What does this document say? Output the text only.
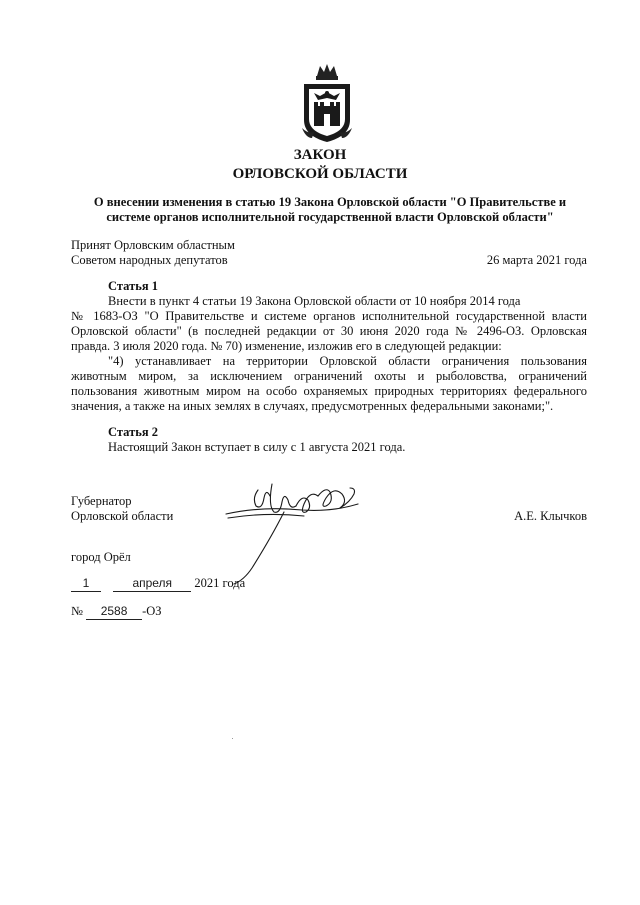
ЗАКОН
ОРЛОВСКОЙ ОБЛАСТИ
О внесении изменения в статью 19 Закона Орловской области "О Правительстве и
системе органов исполнительной государственной власти Орловской области"
Принят Орловским областным
Советом народных депутатов	26 марта 2021 года
Статья 1
Внести в пункт 4 статьи 19 Закона Орловской области от 10 ноября 2014 года
№ 1683-ОЗ "О Правительстве и системе органов исполнительной государственной власти
Орловской области" (в последней редакции от 30 июня 2020 года № 2496-ОЗ. Орловская
правда. 3 июля 2020 года. № 70) изменение, изложив его в следующей редакции:
"4) устанавливает на территории Орловской области ограничения пользования
животным миром, за исключением ограничений охоты и рыболовства, ограничений
пользования животным миром на особо охраняемых природных территориях федерального
значения, а также на иных землях в случаях, предусмотренных федеральными законами;".
Статья 2
Настоящий Закон вступает в силу с 1 августа 2021 года.
Губернатор
Орловской области	А.Е. Клычков
город Орёл
1	апреля 2021 года
№ 2588 -ОЗ
